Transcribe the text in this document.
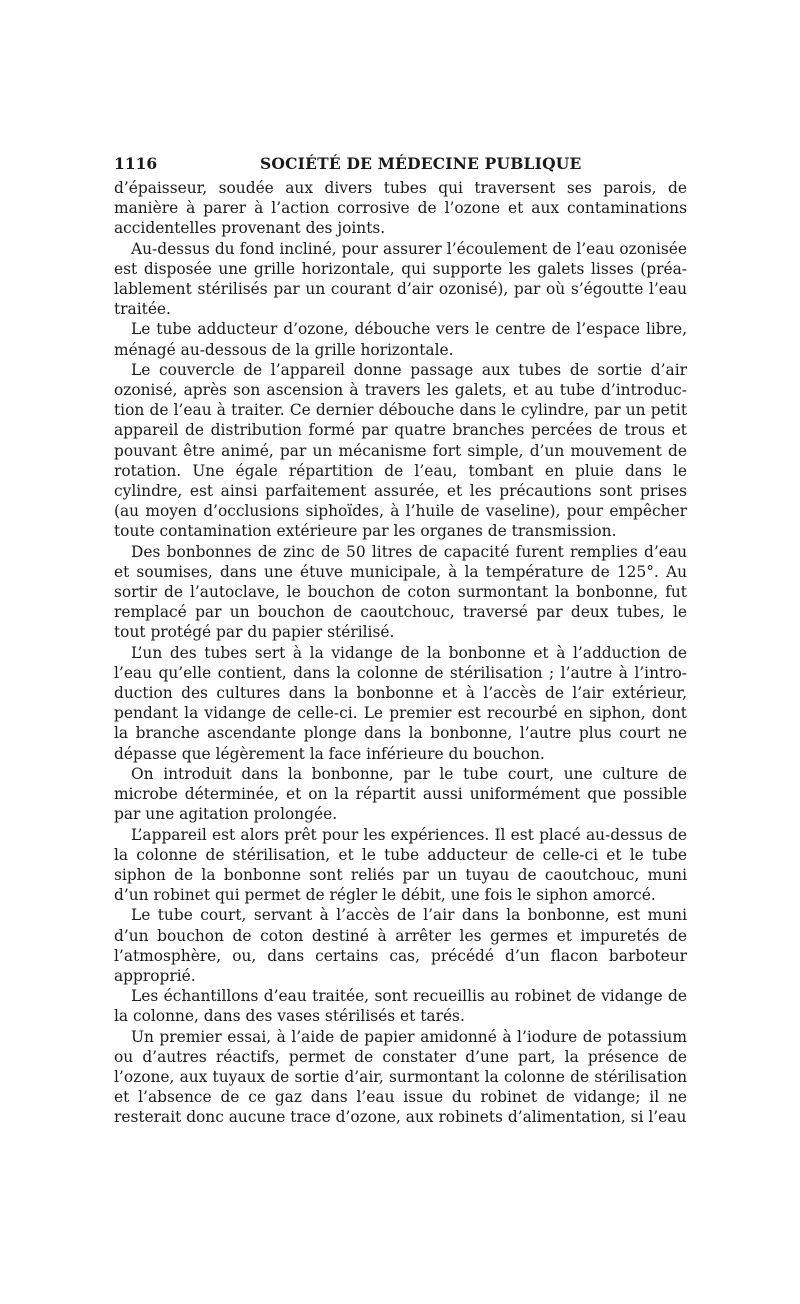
1116	SOCIÉTÉ DE MÉDECINE PUBLIQUE

d’épaisseur, soudée aux divers tubes qui traversent ses parois, de manière à parer à l’action corrosive de l’ozone et aux contaminations accidentelles provenant des joints.

Au-dessus du fond incliné, pour assurer l’écoulement de l’eau ozonisée est disposée une grille horizontale, qui supporte les galets lisses (préalablement stérilisés par un courant d’air ozonisé), par où s’égoutte l’eau traitée.

Le tube adducteur d’ozone, débouche vers le centre de l’espace libre, ménagé au-dessous de la grille horizontale.

Le couvercle de l’appareil donne passage aux tubes de sortie d’air ozonisé, après son ascension à travers les galets, et au tube d’introduction de l’eau à traiter. Ce dernier débouche dans le cylindre, par un petit appareil de distribution formé par quatre branches percées de trous et pouvant être animé, par un mécanisme fort simple, d’un mouvement de rotation. Une égale répartition de l’eau, tombant en pluie dans le cylindre, est ainsi parfaitement assurée, et les précautions sont prises (au moyen d’occlusions siphoïdes, à l’huile de vaseline), pour empêcher toute contamination extérieure par les organes de transmission.

Des bonbonnes de zinc de 50 litres de capacité furent remplies d’eau et soumises, dans une étuve municipale, à la température de 125°. Au sortir de l’autoclave, le bouchon de coton surmontant la bonbonne, fut remplacé par un bouchon de caoutchouc, traversé par deux tubes, le tout protégé par du papier stérilisé.

L’un des tubes sert à la vidange de la bonbonne et à l’adduction de l’eau qu’elle contient, dans la colonne de stérilisation ; l’autre à l’introduction des cultures dans la bonbonne et à l’accès de l’air extérieur, pendant la vidange de celle-ci. Le premier est recourbé en siphon, dont la branche ascendante plonge dans la bonbonne, l’autre plus court ne dépasse que légèrement la face inférieure du bouchon.

On introduit dans la bonbonne, par le tube court, une culture de microbe déterminée, et on la répartit aussi uniformément que possible par une agitation prolongée.

L’appareil est alors prêt pour les expériences. Il est placé au-dessus de la colonne de stérilisation, et le tube adducteur de celle-ci et le tube siphon de la bonbonne sont reliés par un tuyau de caoutchouc, muni d’un robinet qui permet de régler le débit, une fois le siphon amorcé.

Le tube court, servant à l’accès de l’air dans la bonbonne, est muni d’un bouchon de coton destiné à arrêter les germes et impuretés de l’atmosphère, ou, dans certains cas, précédé d’un flacon barboteur approprié.

Les échantillons d’eau traitée, sont recueillis au robinet de vidange de la colonne, dans des vases stérilisés et tarés.

Un premier essai, à l’aide de papier amidonné à l’iodure de potassium ou d’autres réactifs, permet de constater d’une part, la présence de l’ozone, aux tuyaux de sortie d’air, surmontant la colonne de stérilisation et l’absence de ce gaz dans l’eau issue du robinet de vidange; il ne resterait donc aucune trace d’ozone, aux robinets d’alimentation, si l’eau
